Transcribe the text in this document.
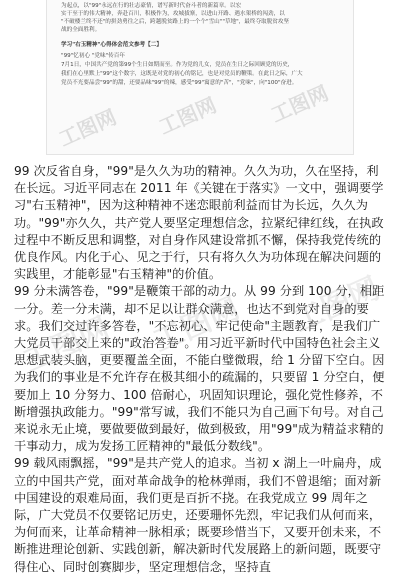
为起点，以"99"永远在行的壮志豪情，谱写新时代奋斗者的新篇章。以宏
实干至于的伟大精神，奔赴百川，积极作为，攻城拔寨，以进山开路、遇水架桥的闯劲，以
"不破楼兰终不还"的拼劲勇往之后，跨越脱贫路上的一个个"雪山""草地"，最终夺取脱贫攻坚
战的全面胜利。
学习"右玉精神"心得体会范文参考【二】
"99"忆初心 "党味"传百年
7月1日，中国共产党的第99个生日如期而至。作为党的儿女，党员在生日之际回顾党的历史，
我们在心里默上"99"这个数字，这既是对党的初心的铭记，也是对党员的鞭策。在此日之际，广大
党员不光要品尝"99"的甜，还要品味"99"的辣，感受"99"寓意的"苦"，"党味"，向"100"奋进。
工图网 工图网 工图网

99 次反省自身，"99"是久久为功的精神。久久为功，久在坚持，利在长远。习近平同志在 2011 年《关键在于落实》一文中，强调要学习"右玉精神"，因为这种精神不迷恋眼前利益而甘为长远，久久为功。"99"亦久久，共产党人要坚定理想信念，拉紧纪律红线，在执政过程中不断反思和调整，对自身作风建设常抓不懈，保持我党传统的优良作风。内化于心、见之于行，只有将久久为功体现在解决问题的实践里，才能彰显"右玉精神"的价值。

99 分未满答卷，"99"是鞭策干部的动力。从 99 分到 100 分，相距一分。差一分未满，却不足以让群众满意，也达不到党对自身的要求。我们交过许多答卷，"不忘初心、牢记使命"主题教育，是我们广大党员干部交上来的"政治答卷"。用习近平新时代中国特色社会主义思想武装头脑，更要覆盖全面，不能白璧微瑕，给 1 分留下空白。因为我们的事业是不允许存在极其细小的疏漏的，只要留 1 分空白，便要加上 10 分努力、100 倍耐心，巩固知识理论，强化党性修养，不断增强执政能力。"99"常写诚，我们不能只为自己画下句号。对自己来说永无止境，要做要做到最好，做到极致，用"99"成为精益求精的干事动力，成为发扬工匠精神的"最低分数线"。

99 载风雨飘摇，"99"是共产党人的追求。当初 x 湖上一叶扁舟，成立的中国共产党，面对革命战争的枪林弹雨，我们不曾退缩；面对新中国建设的艰难局面，我们更是百折不挠。在我党成立 99 周年之际，广大党员不仅要铭记历史，还要珊怀先烈，牢记我们从何而来，为何而来，让革命精神一脉相承；既要珍惜当下，又要开创未来，不断推进理论创新、实践创新，解决新时代发展路上的新问题，既要守得住心、同时创赛脚步，坚定理想信念，坚持直

工图网 工图网 工图网
